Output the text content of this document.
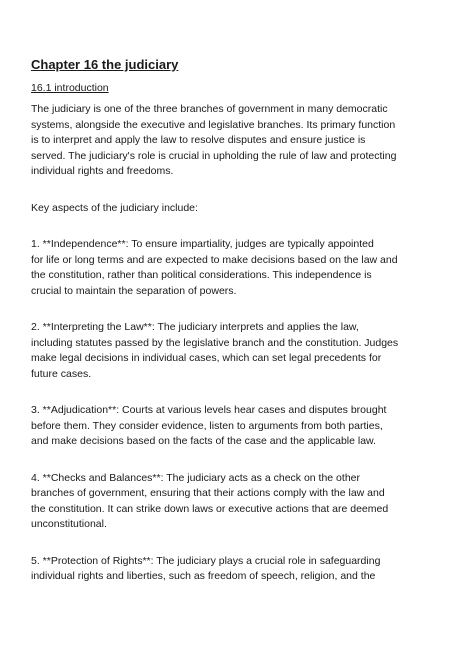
Chapter 16 the judiciary
16.1 introduction

The judiciary is one of the three branches of government in many democratic
systems, alongside the executive and legislative branches. Its primary function
is to interpret and apply the law to resolve disputes and ensure justice is
served. The judiciary's role is crucial in upholding the rule of law and protecting
individual rights and freedoms.

Key aspects of the judiciary include:

1. **Independence**: To ensure impartiality, judges are typically appointed
for life or long terms and are expected to make decisions based on the law and
the constitution, rather than political considerations. This independence is
crucial to maintain the separation of powers.

2. **Interpreting the Law**: The judiciary interprets and applies the law,
including statutes passed by the legislative branch and the constitution. Judges
make legal decisions in individual cases, which can set legal precedents for
future cases.

3. **Adjudication**: Courts at various levels hear cases and disputes brought
before them. They consider evidence, listen to arguments from both parties,
and make decisions based on the facts of the case and the applicable law.

4. **Checks and Balances**: The judiciary acts as a check on the other
branches of government, ensuring that their actions comply with the law and
the constitution. It can strike down laws or executive actions that are deemed
unconstitutional.

5. **Protection of Rights**: The judiciary plays a crucial role in safeguarding
individual rights and liberties, such as freedom of speech, religion, and the
